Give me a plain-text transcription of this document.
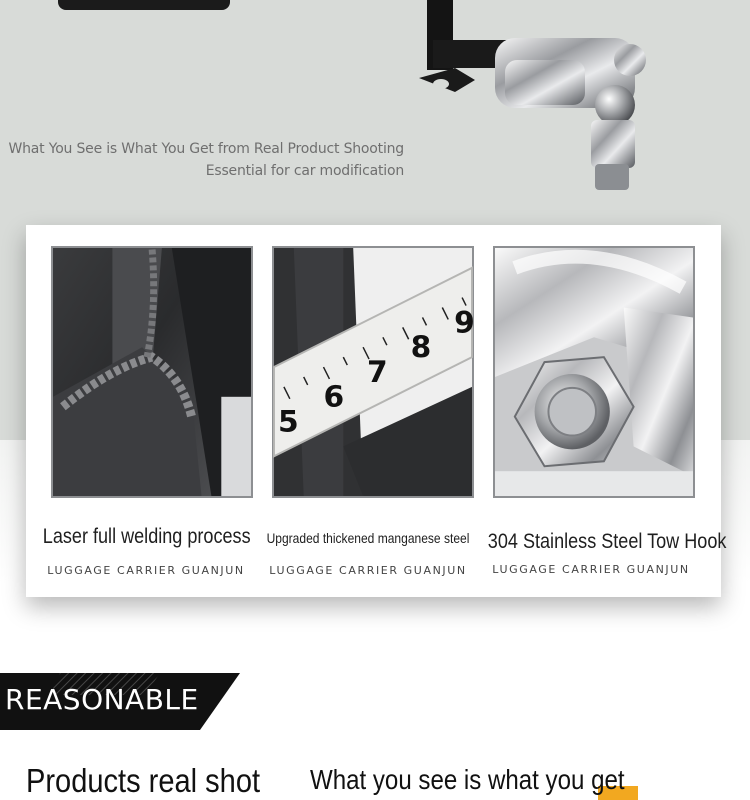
What You See is What You Get from Real Product Shooting
Essential for car modification
Laser full welding process
LUGGAGE CARRIER GUANJUN
5
6
7
8
9
Upgraded thickened manganese steel
LUGGAGE CARRIER GUANJUN
304 Stainless Steel Tow Hook
LUGGAGE CARRIER GUANJUN
REASONABLE
Products real shot What you see is what you get
